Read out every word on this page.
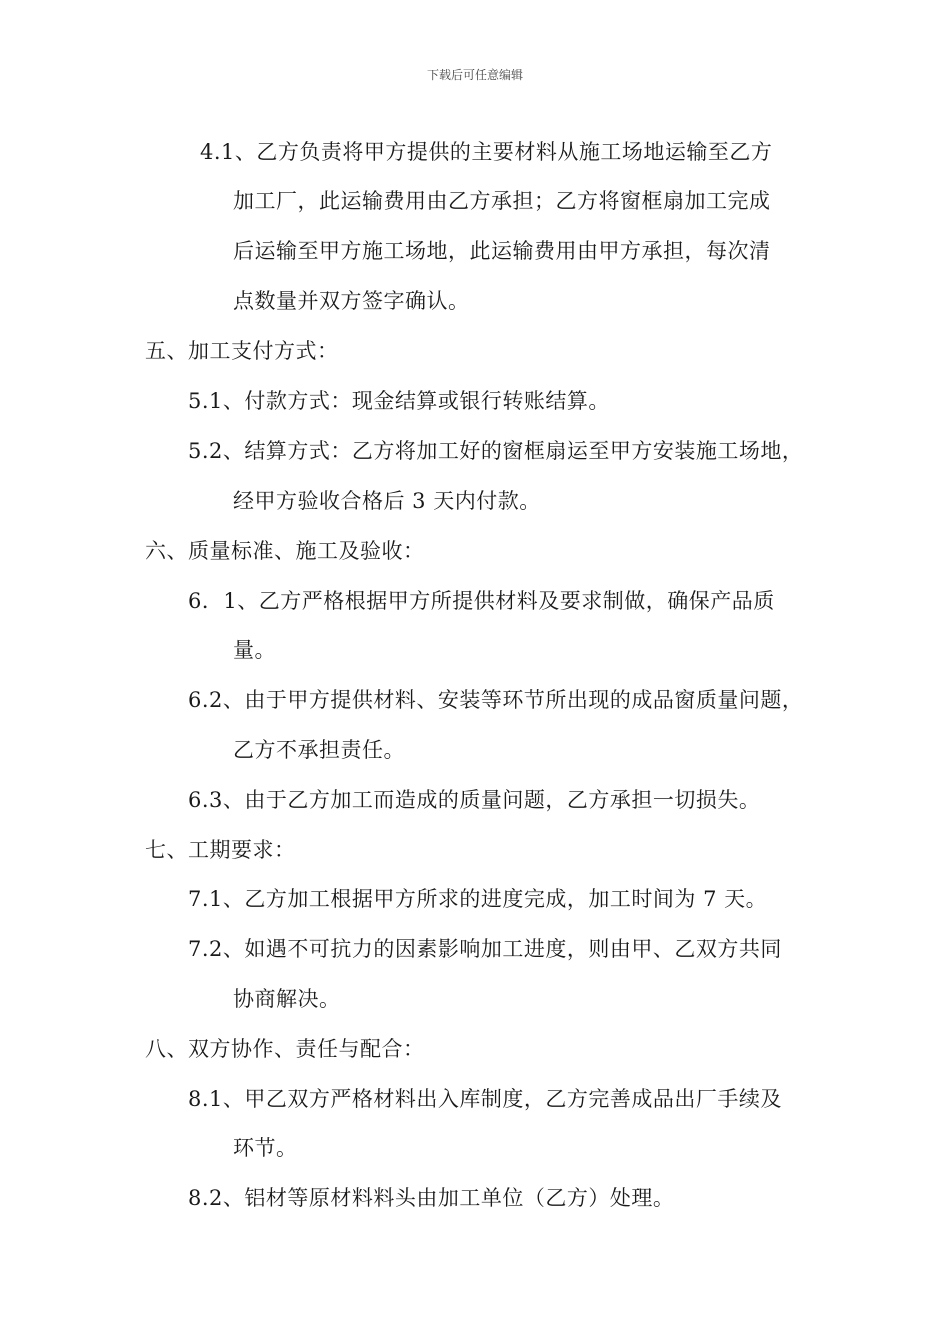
下载后可任意编辑
4.1、乙方负责将甲方提供的主要材料从施工场地运输至乙方
加工厂，此运输费用由乙方承担；乙方将窗框扇加工完成
后运输至甲方施工场地，此运输费用由甲方承担，每次清
点数量并双方签字确认。
五、加工支付方式：
5.1、付款方式：现金结算或银行转账结算。
5.2、结算方式：乙方将加工好的窗框扇运至甲方安装施工场地，
经甲方验收合格后 3 天内付款。
六、质量标准、施工及验收：
6．1、乙方严格根据甲方所提供材料及要求制做，确保产品质
量。
6.2、由于甲方提供材料、安装等环节所出现的成品窗质量问题，
乙方不承担责任。
6.3、由于乙方加工而造成的质量问题，乙方承担一切损失。
七、工期要求：
7.1、乙方加工根据甲方所求的进度完成，加工时间为 7 天。
7.2、如遇不可抗力的因素影响加工进度，则由甲、乙双方共同
协商解决。
八、双方协作、责任与配合：
8.1、甲乙双方严格材料出入库制度，乙方完善成品出厂手续及
环节。
8.2、铝材等原材料料头由加工单位（乙方）处理。
